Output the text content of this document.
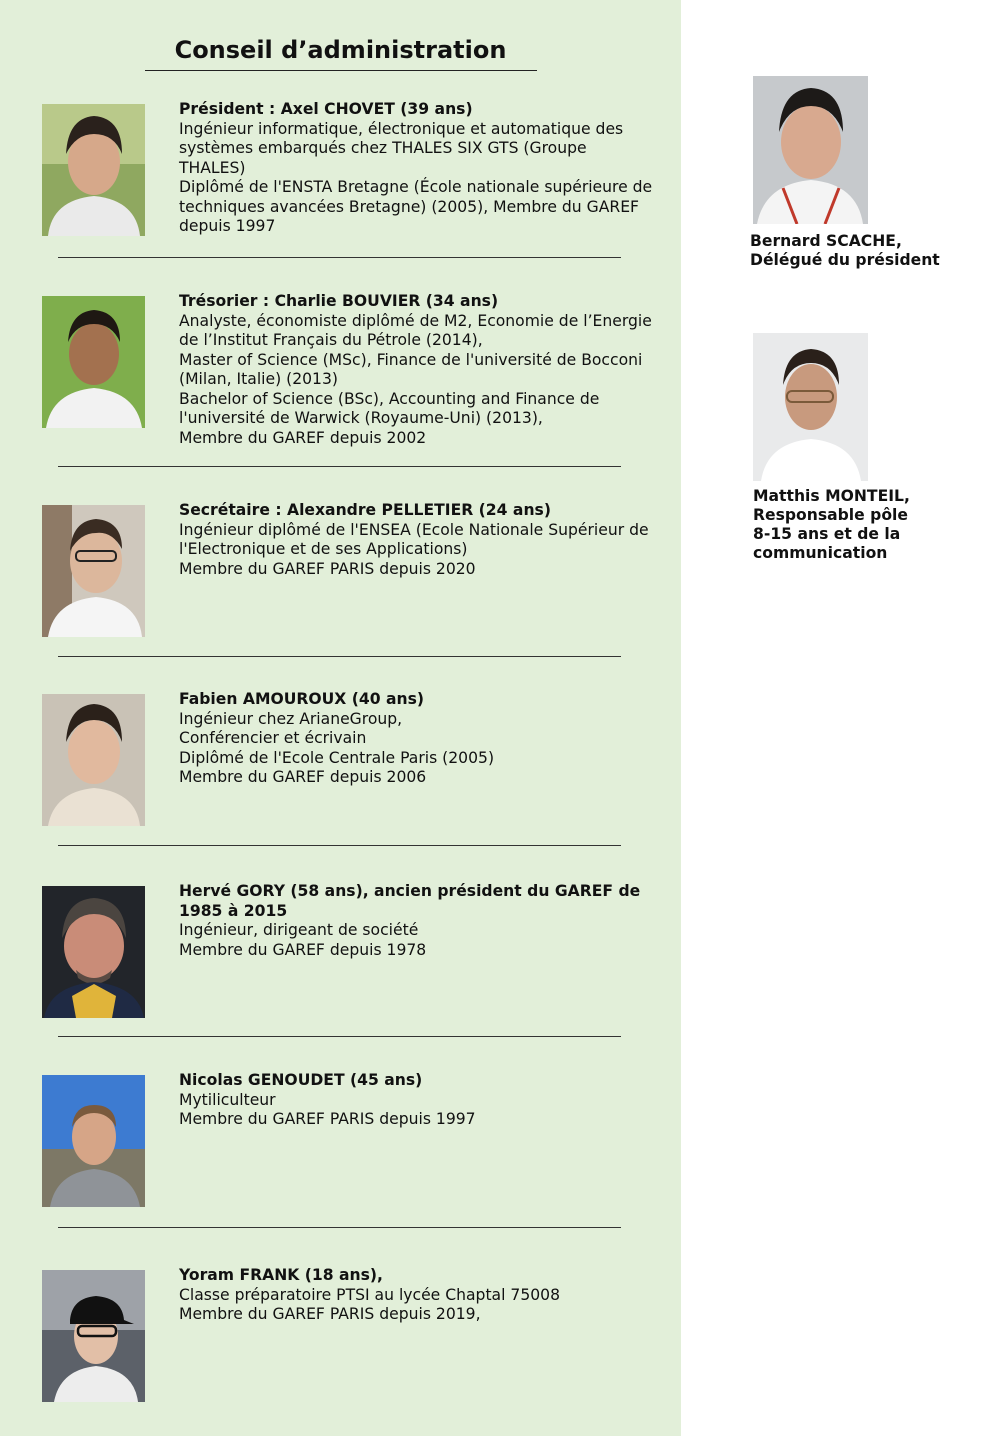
Conseil d’administration
Président : Axel CHOVET (39 ans)
Ingénieur informatique, électronique et automatique des
systèmes embarqués chez THALES SIX GTS (Groupe
THALES)
Diplômé de l'ENSTA Bretagne (École nationale supérieure de
techniques avancées Bretagne) (2005), Membre du GAREF
depuis 1997
Trésorier : Charlie BOUVIER (34 ans)
Analyste, économiste diplômé de M2, Economie de l’Energie
de l’Institut Français du Pétrole (2014),
Master of Science (MSc), Finance de l'université de Bocconi
(Milan, Italie) (2013)
Bachelor of Science (BSc), Accounting and Finance de
l'université de Warwick (Royaume-Uni) (2013),
Membre du GAREF depuis 2002
Secrétaire : Alexandre PELLETIER (24 ans)
Ingénieur diplômé de l'ENSEA (Ecole Nationale Supérieur de
l'Electronique et de ses Applications)
Membre du GAREF PARIS depuis 2020
Fabien AMOUROUX (40 ans)
Ingénieur chez ArianeGroup,
Conférencier et écrivain
Diplômé de l'Ecole Centrale Paris (2005)
Membre du GAREF depuis 2006
Hervé GORY (58 ans), ancien président du GAREF de 1985 à 2015
Ingénieur, dirigeant de société
Membre du GAREF depuis 1978
Nicolas GENOUDET (45 ans)
Mytiliculteur
Membre du GAREF PARIS depuis 1997
Yoram FRANK (18 ans),
Classe préparatoire PTSI au lycée Chaptal 75008
Membre du GAREF PARIS depuis 2019,
Bernard SCACHE,
Délégué du président
Matthis MONTEIL,
Responsable pôle
8-15 ans et de la
communication
